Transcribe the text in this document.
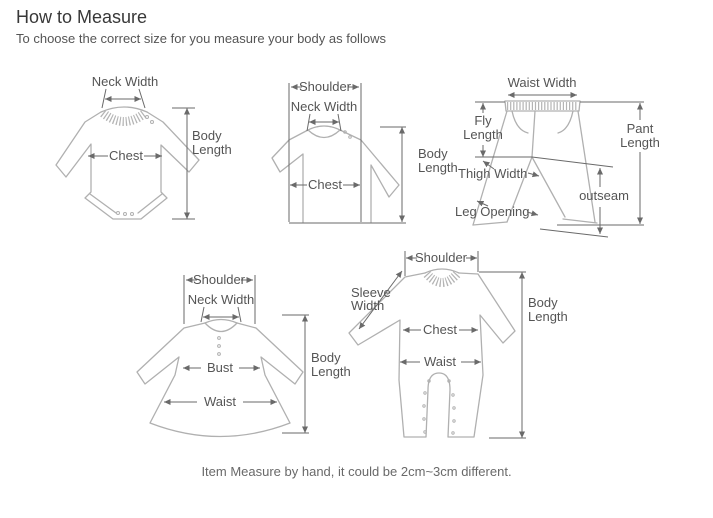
How to Measure

To choose the correct size for you measure your body as follows

Neck Width
Chest
Body
Length
Shoulder
Neck Width
Chest
Body
Length
Waist Width
Fly
Length
Thigh Width
Leg Opening
outseam
Pant
Length
Shoulder
Neck Width
Bust
Waist
Body
Length
Shoulder
Sleeve
Width
Chest
Waist
Body
Length
Item Measure by hand, it could be 2cm~3cm different.
